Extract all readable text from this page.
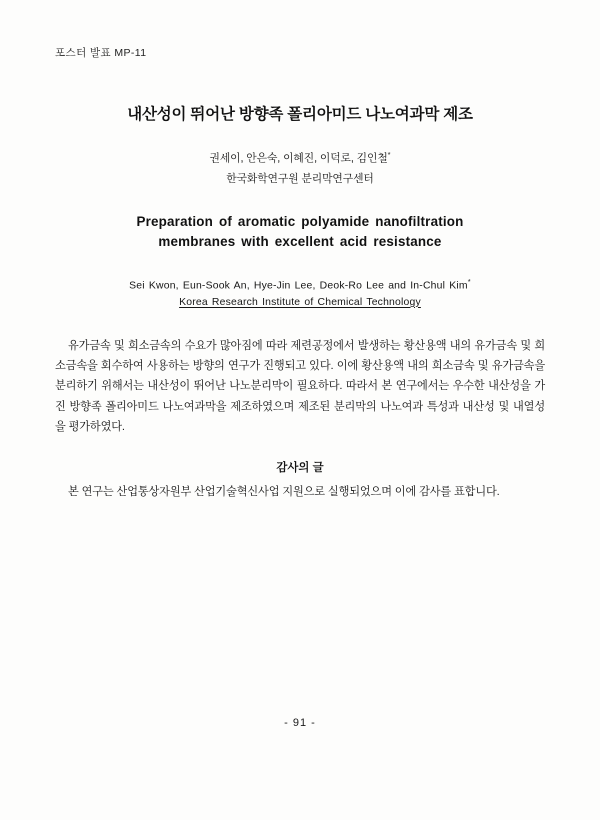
포스터 발표 MP-11
내산성이 뛰어난 방향족 폴리아미드 나노여과막 제조
권세이, 안은숙, 이혜진, 이덕로, 김인철*
한국화학연구원 분리막연구센터
Preparation of aromatic polyamide nanofiltration
membranes with excellent acid resistance
Sei Kwon, Eun-Sook An, Hye-Jin Lee, Deok-Ro Lee and In-Chul Kim*
Korea Research Institute of Chemical Technology
유가금속 및 희소금속의 수요가 많아짐에 따라 제련공정에서 발생하는 황산용액 내의 유가금속 및 희소금속을 회수하여 사용하는 방향의 연구가 진행되고 있다. 이에 황산용액 내의 희소금속 및 유가금속을 분리하기 위해서는 내산성이 뛰어난 나노분리막이 필요하다. 따라서 본 연구에서는 우수한 내산성을 가진 방향족 폴리아미드 나노여과막을 제조하였으며 제조된 분리막의 나노여과 특성과 내산성 및 내열성을 평가하였다.
감사의 글
본 연구는 산업통상자원부 산업기술혁신사업 지원으로 실행되었으며 이에 감사를 표합니다.
- 91 -
